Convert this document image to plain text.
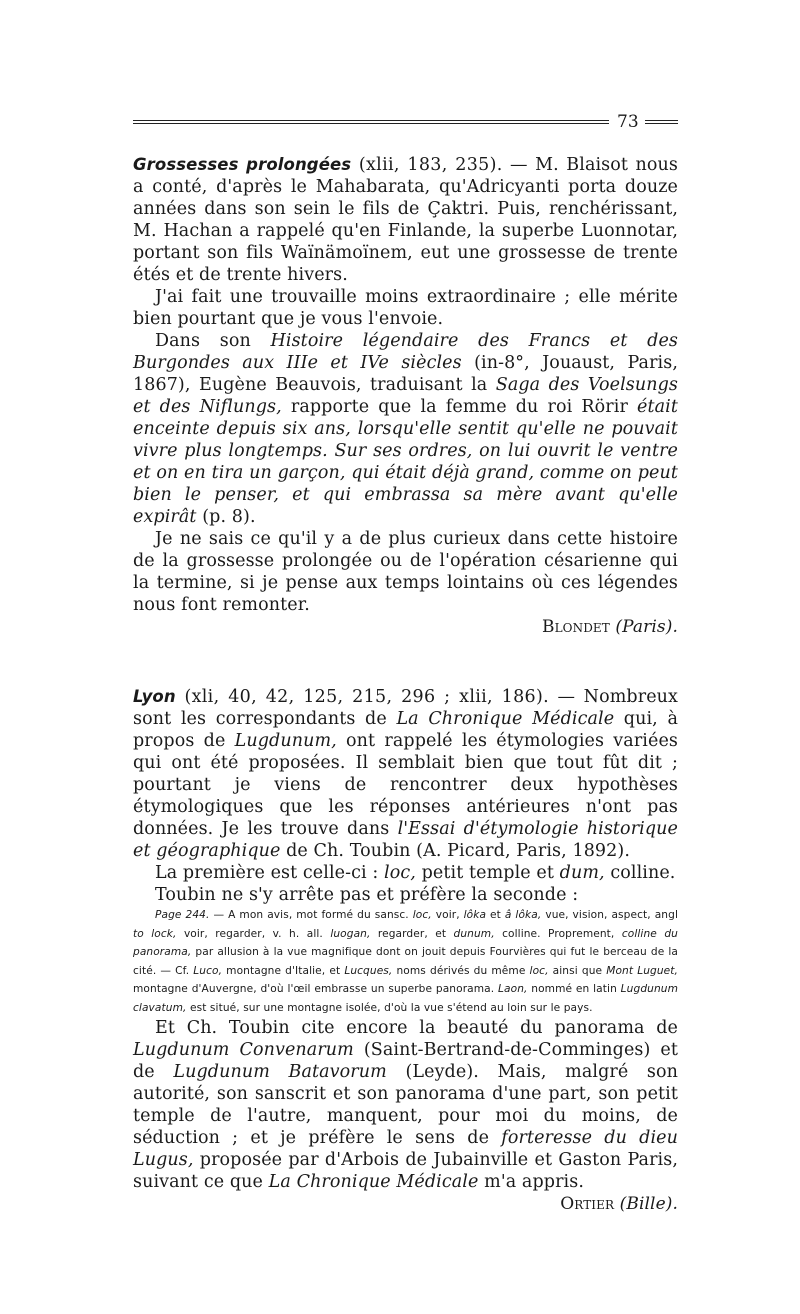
73

Grossesses prolongées (xlii, 183, 235). — M. Blaisot nous a conté, d'après le Mahabarata, qu'Adricyanti porta douze années dans son sein le fils de Çaktri. Puis, renchérissant, M. Hachan a rappelé qu'en Finlande, la superbe Luonnotar, portant son fils Waïnämoïnem, eut une grossesse de trente étés et de trente hivers.

J'ai fait une trouvaille moins extraordinaire ; elle mérite bien pourtant que je vous l'envoie.

Dans son Histoire légendaire des Francs et des Burgondes aux IIIe et IVe siècles (in-8°, Jouaust, Paris, 1867), Eugène Beauvois, traduisant la Saga des Voelsungs et des Niflungs, rapporte que la femme du roi Rörir était enceinte depuis six ans, lorsqu'elle sentit qu'elle ne pouvait vivre plus longtemps. Sur ses ordres, on lui ouvrit le ventre et on en tira un garçon, qui était déjà grand, comme on peut bien le penser, et qui embrassa sa mère avant qu'elle expirât (p. 8).

Je ne sais ce qu'il y a de plus curieux dans cette histoire de la grossesse prolongée ou de l'opération césarienne qui la termine, si je pense aux temps lointains où ces légendes nous font remonter.

Blondet (Paris).

Lyon (xli, 40, 42, 125, 215, 296 ; xlii, 186). — Nombreux sont les correspondants de La Chronique Médicale qui, à propos de Lugdunum, ont rappelé les étymologies variées qui ont été proposées. Il semblait bien que tout fût dit ; pourtant je viens de rencontrer deux hypothèses étymologiques que les réponses antérieures n'ont pas données. Je les trouve dans l'Essai d'étymologie historique et géographique de Ch. Toubin (A. Picard, Paris, 1892).

La première est celle-ci : loc, petit temple et dum, colline.

Toubin ne s'y arrête pas et préfère la seconde :

Page 244. — A mon avis, mot formé du sansc. loc, voir, lôka et â lôka, vue, vision, aspect, angl to lock, voir, regarder, v. h. all. luogan, regarder, et dunum, colline. Proprement, colline du panorama, par allusion à la vue magnifique dont on jouit depuis Fourvières qui fut le berceau de la cité. — Cf. Luco, montagne d'Italie, et Lucques, noms dérivés du même loc, ainsi que Mont Luguet, montagne d'Auvergne, d'où l'œil embrasse un superbe panorama. Laon, nommé en latin Lugdunum clavatum, est situé, sur une montagne isolée, d'où la vue s'étend au loin sur le pays.

Et Ch. Toubin cite encore la beauté du panorama de Lugdunum Convenarum (Saint-Bertrand-de-Comminges) et de Lugdunum Batavorum (Leyde). Mais, malgré son autorité, son sanscrit et son panorama d'une part, son petit temple de l'autre, manquent, pour moi du moins, de séduction ; et je préfère le sens de forteresse du dieu Lugus, proposée par d'Arbois de Jubainville et Gaston Paris, suivant ce que La Chronique Médicale m'a appris.

Ortier (Bille).
